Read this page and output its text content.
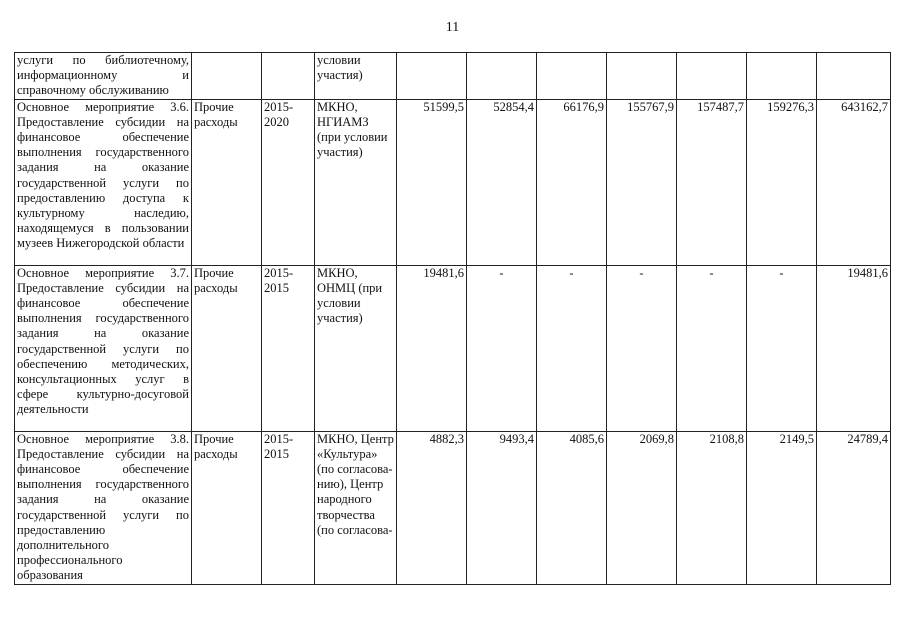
11
услуги по библиотечному, информационному и справочному обслуживанию			условии участия)							
Основное мероприятие 3.6. Предоставление субсидии на финансовое обеспечение выполнения государственного задания на оказание государственной услуги по предоставлению доступа к культурному наследию, находящемуся в пользовании музеев Нижегородской области	Прочие расходы	2015-2020	МКНО, НГИАМЗ (при условии участия)	51599,5	52854,4	66176,9	155767,9	157487,7	159276,3	643162,7
Основное мероприятие 3.7. Предоставление субсидии на финансовое обеспечение выполнения государственного задания на оказание государственной услуги по обеспечению методических, консультационных услуг в сфере культурно-досуговой деятельности	Прочие расходы	2015-2015	МКНО, ОНМЦ (при условии участия)	19481,6	-	-	-	-	-	19481,6
Основное мероприятие 3.8. Предоставление субсидии на финансовое обеспечение выполнения государственного задания на оказание государственной услуги по предоставлению дополнительного профессионального образования	Прочие расходы	2015-2015	МКНО, Центр «Культура» (по согласова-нию), Центр народного творчества (по согласова-	4882,3	9493,4	4085,6	2069,8	2108,8	2149,5	24789,4
